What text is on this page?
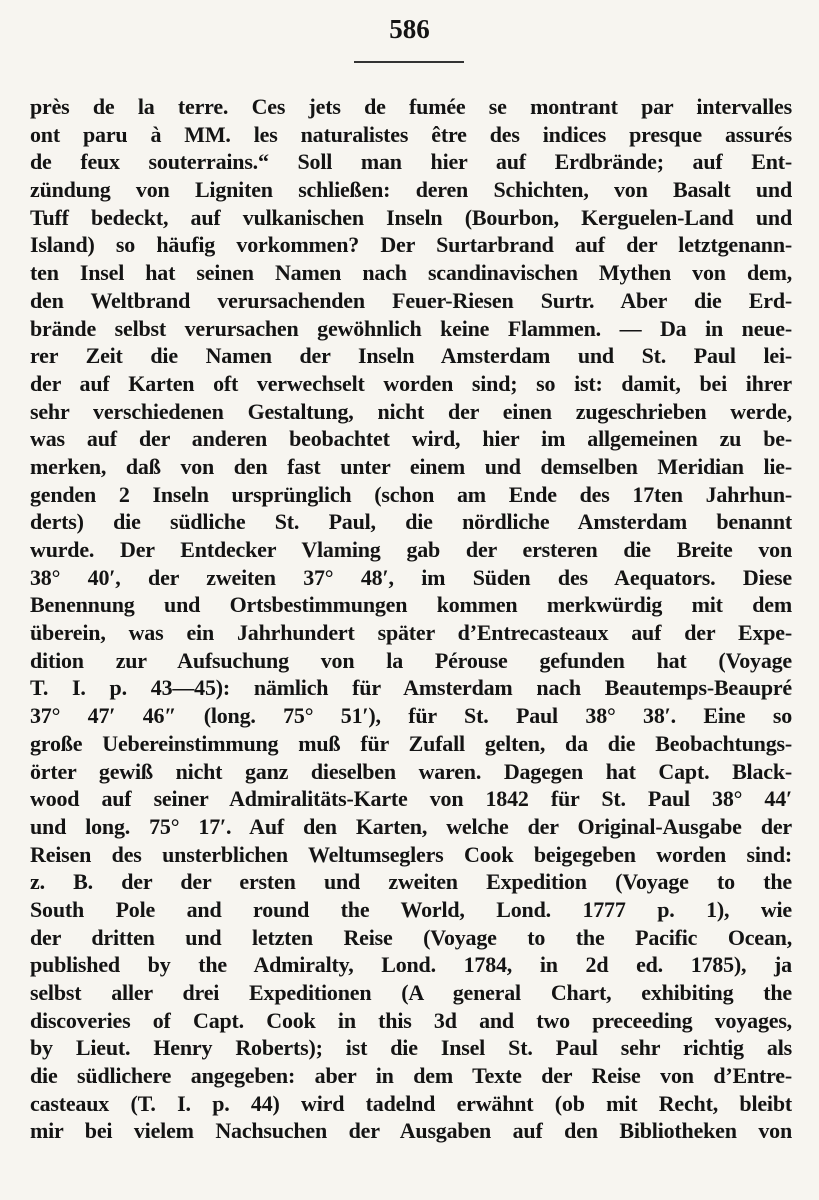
586
près de la terre. Ces jets de fumée se montrant par intervalles
ont paru à MM. les naturalistes être des indices presque assurés
de feux souterrains.“ Soll man hier auf Erdbrände; auf Ent-
zündung von Ligniten schließen: deren Schichten, von Basalt und
Tuff bedeckt, auf vulkanischen Inseln (Bourbon, Kerguelen-Land und
Island) so häufig vorkommen? Der Surtarbrand auf der letztgenann-
ten Insel hat seinen Namen nach scandinavischen Mythen von dem,
den Weltbrand verursachenden Feuer-Riesen Surtr. Aber die Erd-
brände selbst verursachen gewöhnlich keine Flammen. — Da in neue-
rer Zeit die Namen der Inseln Amsterdam und St. Paul lei-
der auf Karten oft verwechselt worden sind; so ist: damit, bei ihrer
sehr verschiedenen Gestaltung, nicht der einen zugeschrieben werde,
was auf der anderen beobachtet wird, hier im allgemeinen zu be-
merken, daß von den fast unter einem und demselben Meridian lie-
genden 2 Inseln ursprünglich (schon am Ende des 17ten Jahrhun-
derts) die südliche St. Paul, die nördliche Amsterdam benannt
wurde. Der Entdecker Vlaming gab der ersteren die Breite von
38° 40′, der zweiten 37° 48′, im Süden des Aequators. Diese
Benennung und Ortsbestimmungen kommen merkwürdig mit dem
überein, was ein Jahrhundert später d’Entrecasteaux auf der Expe-
dition zur Aufsuchung von la Pérouse gefunden hat (Voyage
T. I. p. 43—45): nämlich für Amsterdam nach Beautemps-Beaupré
37° 47′ 46″ (long. 75° 51′), für St. Paul 38° 38′. Eine so
große Uebereinstimmung muß für Zufall gelten, da die Beobachtungs-
örter gewiß nicht ganz dieselben waren. Dagegen hat Capt. Black-
wood auf seiner Admiralitäts-Karte von 1842 für St. Paul 38° 44′
und long. 75° 17′. Auf den Karten, welche der Original-Ausgabe der
Reisen des unsterblichen Weltumseglers Cook beigegeben worden sind:
z. B. der der ersten und zweiten Expedition (Voyage to the
South Pole and round the World, Lond. 1777 p. 1), wie
der dritten und letzten Reise (Voyage to the Pacific Ocean,
published by the Admiralty, Lond. 1784, in 2d ed. 1785), ja
selbst aller drei Expeditionen (A general Chart, exhibiting the
discoveries of Capt. Cook in this 3d and two preceeding voyages,
by Lieut. Henry Roberts); ist die Insel St. Paul sehr richtig als
die südlichere angegeben: aber in dem Texte der Reise von d’Entre-
casteaux (T. I. p. 44) wird tadelnd erwähnt (ob mit Recht, bleibt
mir bei vielem Nachsuchen der Ausgaben auf den Bibliotheken von
